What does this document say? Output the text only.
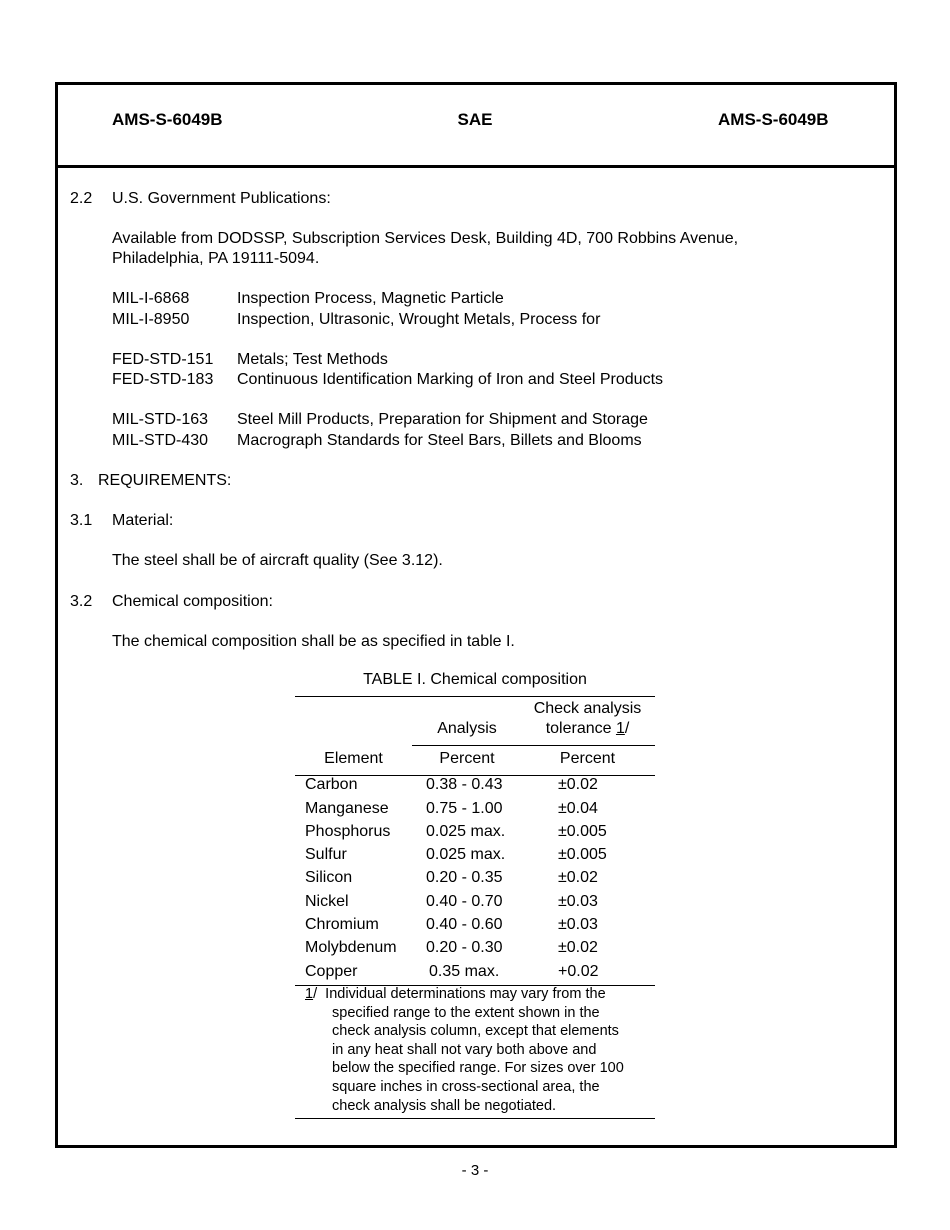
AMS-S-6049B	SAE	AMS-S-6049B
2.2 U.S. Government Publications:
Available from DODSSP, Subscription Services Desk, Building 4D, 700 Robbins Avenue,
Philadelphia, PA 19111-5094.
MIL-I-6868	Inspection Process, Magnetic Particle
MIL-I-8950	Inspection, Ultrasonic, Wrought Metals, Process for
FED-STD-151 Metals; Test Methods
FED-STD-183 Continuous Identification Marking of Iron and Steel Products
MIL-STD-163 Steel Mill Products, Preparation for Shipment and Storage
MIL-STD-430 Macrograph Standards for Steel Bars, Billets and Blooms
3. REQUIREMENTS:
3.1 Material:
The steel shall be of aircraft quality (See 3.12).
3.2 Chemical composition:
The chemical composition shall be as specified in table I.
TABLE I. Chemical composition
Analysis
Check analysis
tolerance 1/
Element	Percent	Percent
Carbon	0.38 - 0.43	±0.02
Manganese 0.75 - 1.00	±0.04
Phosphorus 0.025 max.	±0.005
Sulfur	0.025 max.	±0.005
Silicon	0.20 - 0.35	±0.02
Nickel	0.40 - 0.70	±0.03
Chromium	0.40 - 0.60	±0.03
Molybdenum 0.20 - 0.30	±0.02
Copper	0.35 max.	+0.02
1/ Individual determinations may vary from the
specified range to the extent shown in the
check analysis column, except that elements
in any heat shall not vary both above and
below the specified range. For sizes over 100
square inches in cross-sectional area, the
check analysis shall be negotiated.
- 3 -
